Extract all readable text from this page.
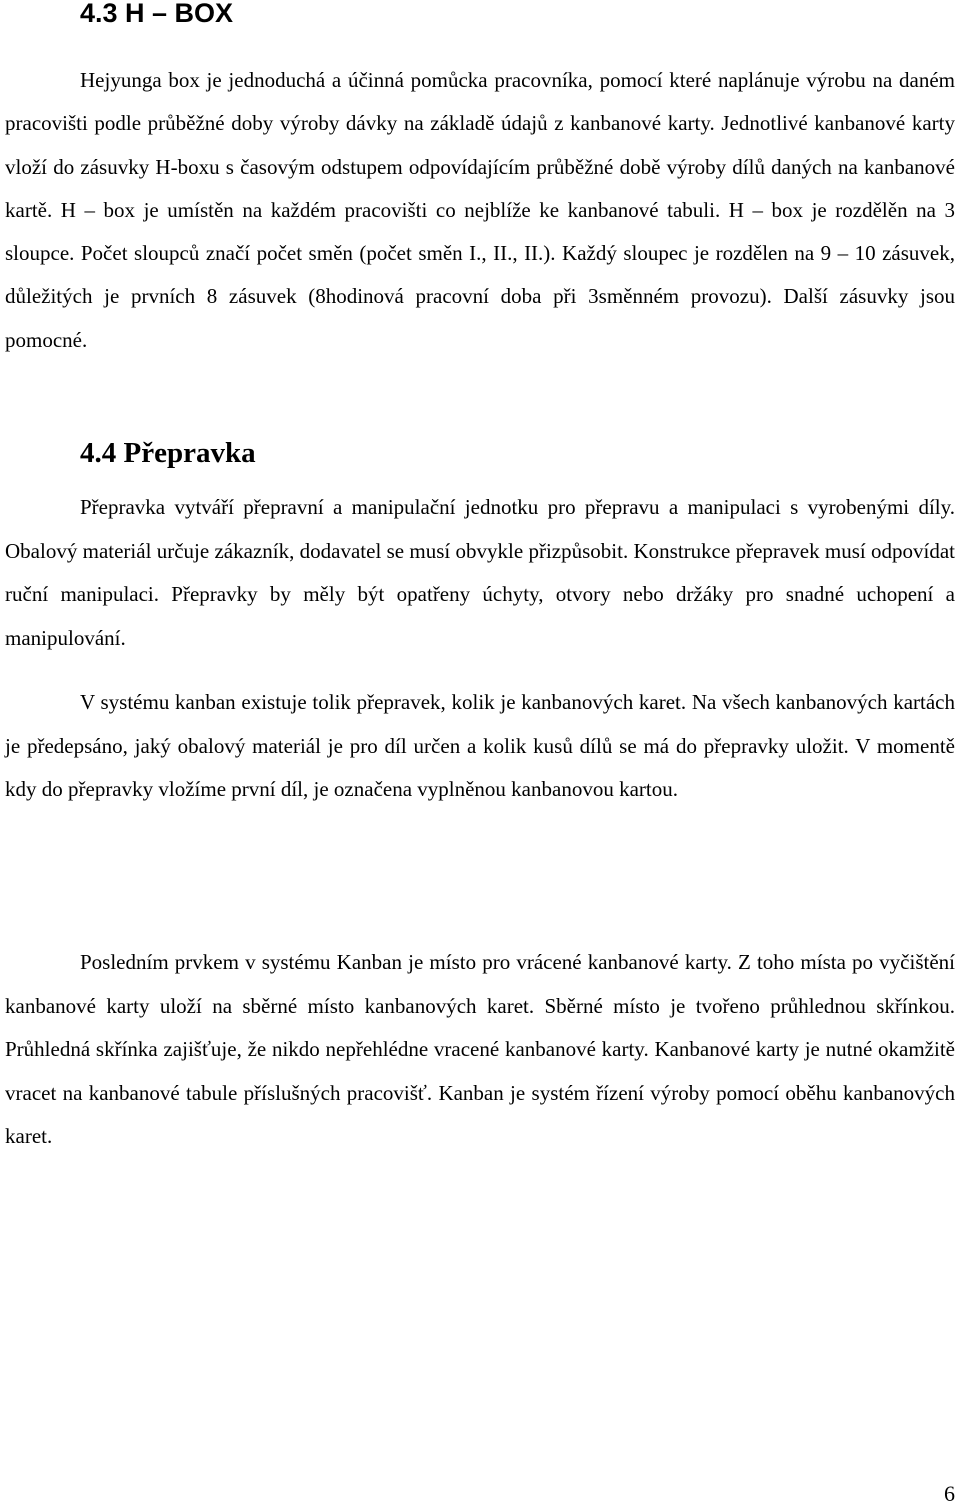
4.3 H – BOX

Hejyunga box je jednoduchá a účinná pomůcka pracovníka, pomocí které naplánuje výrobu na daném pracovišti podle průběžné doby výroby dávky na základě údajů z kanbanové karty. Jednotlivé kanbanové karty vloží do zásuvky H-boxu s časovým odstupem odpovídajícím průběžné době výroby dílů daných na kanbanové kartě. H – box je umístěn na každém pracovišti co nejblíže ke kanbanové tabuli. H – box je rozdělěn na 3 sloupce. Počet sloupců značí počet směn (počet směn I., II., II.). Každý sloupec je rozdělen na 9 – 10 zásuvek, důležitých je prvních 8 zásuvek (8hodinová pracovní doba při 3směnném provozu). Další zásuvky jsou pomocné.

4.4 Přepravka

Přepravka vytváří přepravní a manipulační jednotku pro přepravu a manipulaci s vyrobenými díly. Obalový materiál určuje zákazník, dodavatel se musí obvykle přizpůsobit. Konstrukce přepravek musí odpovídat ruční manipulaci. Přepravky by měly být opatřeny úchyty, otvory nebo držáky pro snadné uchopení a manipulování.

V systému kanban existuje tolik přepravek, kolik je kanbanových karet. Na všech kanbanových kartách je předepsáno, jaký obalový materiál je pro díl určen a kolik kusů dílů se má do přepravky uložit. V momentě kdy do přepravky vložíme první díl, je označena vyplněnou kanbanovou kartou.

Posledním prvkem v systému Kanban je místo pro vrácené kanbanové karty. Z toho místa po vyčištění kanbanové karty uloží na sběrné místo kanbanových karet. Sběrné místo je tvořeno průhlednou skřínkou. Průhledná skřínka zajišťuje, že nikdo nepřehlédne vracené kanbanové karty. Kanbanové karty je nutné okamžitě vracet na kanbanové tabule příslušných pracovišť. Kanban je systém řízení výroby pomocí oběhu kanbanových karet.

6
